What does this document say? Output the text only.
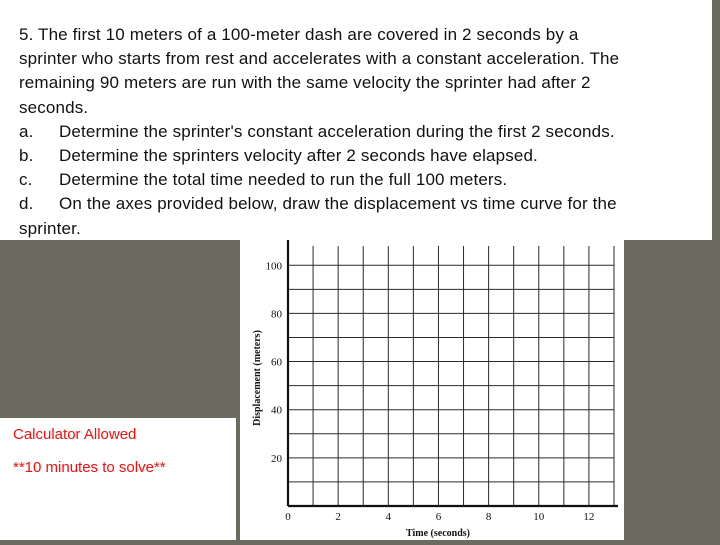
5. The first 10 meters of a 100-meter dash are covered in 2 seconds by a
sprinter who starts from rest and accelerates with a constant acceleration. The
remaining 90 meters are run with the same velocity the sprinter had after 2
seconds.
a. Determine the sprinter's constant acceleration during the first 2 seconds.
b. Determine the sprinters velocity after 2 seconds have elapsed.
c. Determine the total time needed to run the full 100 meters.
d. On the axes provided below, draw the displacement vs time curve for the
sprinter.
0	2	4	6	8	10	12
20
40
60
80
100
Time (seconds)
Displacement (meters)
Calculator Allowed
**10 minutes to solve**
